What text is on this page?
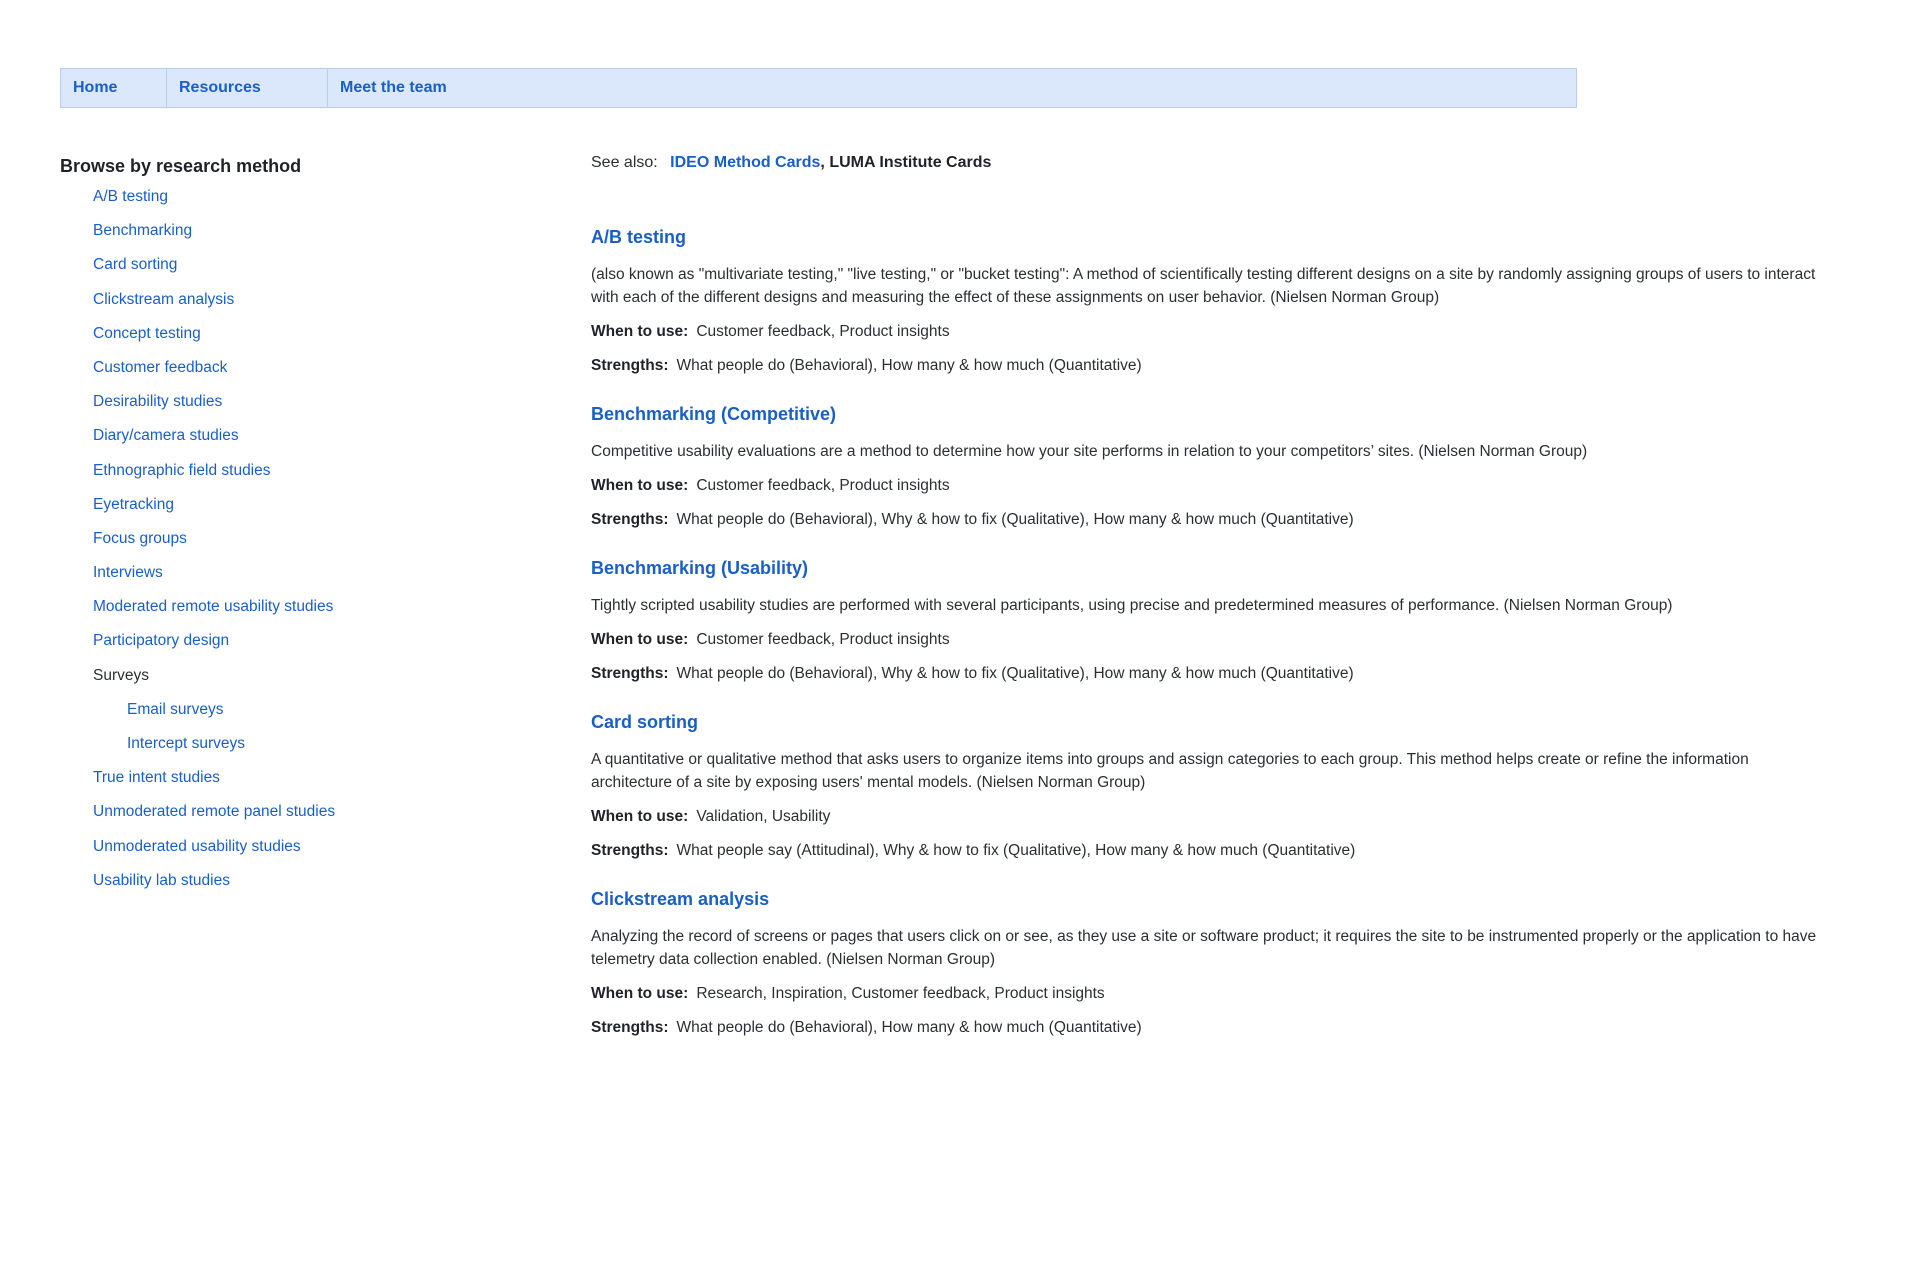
Home	Resources	Meet the team
Browse by research method
A/B testing
Benchmarking
Card sorting
Clickstream analysis
Concept testing
Customer feedback
Desirability studies
Diary/camera studies
Ethnographic field studies
Eyetracking
Focus groups
Interviews
Moderated remote usability studies
Participatory design
Surveys
Email surveys
Intercept surveys
True intent studies
Unmoderated remote panel studies
Unmoderated usability studies
Usability lab studies
See also: IDEO Method Cards, LUMA Institute Cards
A/B testing

(also known as "multivariate testing," "live testing," or "bucket testing": A method of scientifically testing different designs on a site by randomly assigning groups of users to interact with each of the different designs and measuring the effect of these assignments on user behavior. (Nielsen Norman Group)

When to use: Customer feedback, Product insights
Strengths: What people do (Behavioral), How many & how much (Quantitative)
Benchmarking (Competitive)

Competitive usability evaluations are a method to determine how your site performs in relation to your competitors’ sites. (Nielsen Norman Group)

When to use: Customer feedback, Product insights
Strengths: What people do (Behavioral), Why & how to fix (Qualitative), How many & how much (Quantitative)
Benchmarking (Usability)

Tightly scripted usability studies are performed with several participants, using precise and predetermined measures of performance. (Nielsen Norman Group)

When to use: Customer feedback, Product insights
Strengths: What people do (Behavioral), Why & how to fix (Qualitative), How many & how much (Quantitative)
Card sorting

A quantitative or qualitative method that asks users to organize items into groups and assign categories to each group. This method helps create or refine the information architecture of a site by exposing users' mental models. (Nielsen Norman Group)

When to use: Validation, Usability
Strengths: What people say (Attitudinal), Why & how to fix (Qualitative), How many & how much (Quantitative)
Clickstream analysis

Analyzing the record of screens or pages that users click on or see, as they use a site or software product; it requires the site to be instrumented properly or the application to have telemetry data collection enabled. (Nielsen Norman Group)

When to use: Research, Inspiration, Customer feedback, Product insights
Strengths: What people do (Behavioral), How many & how much (Quantitative)
